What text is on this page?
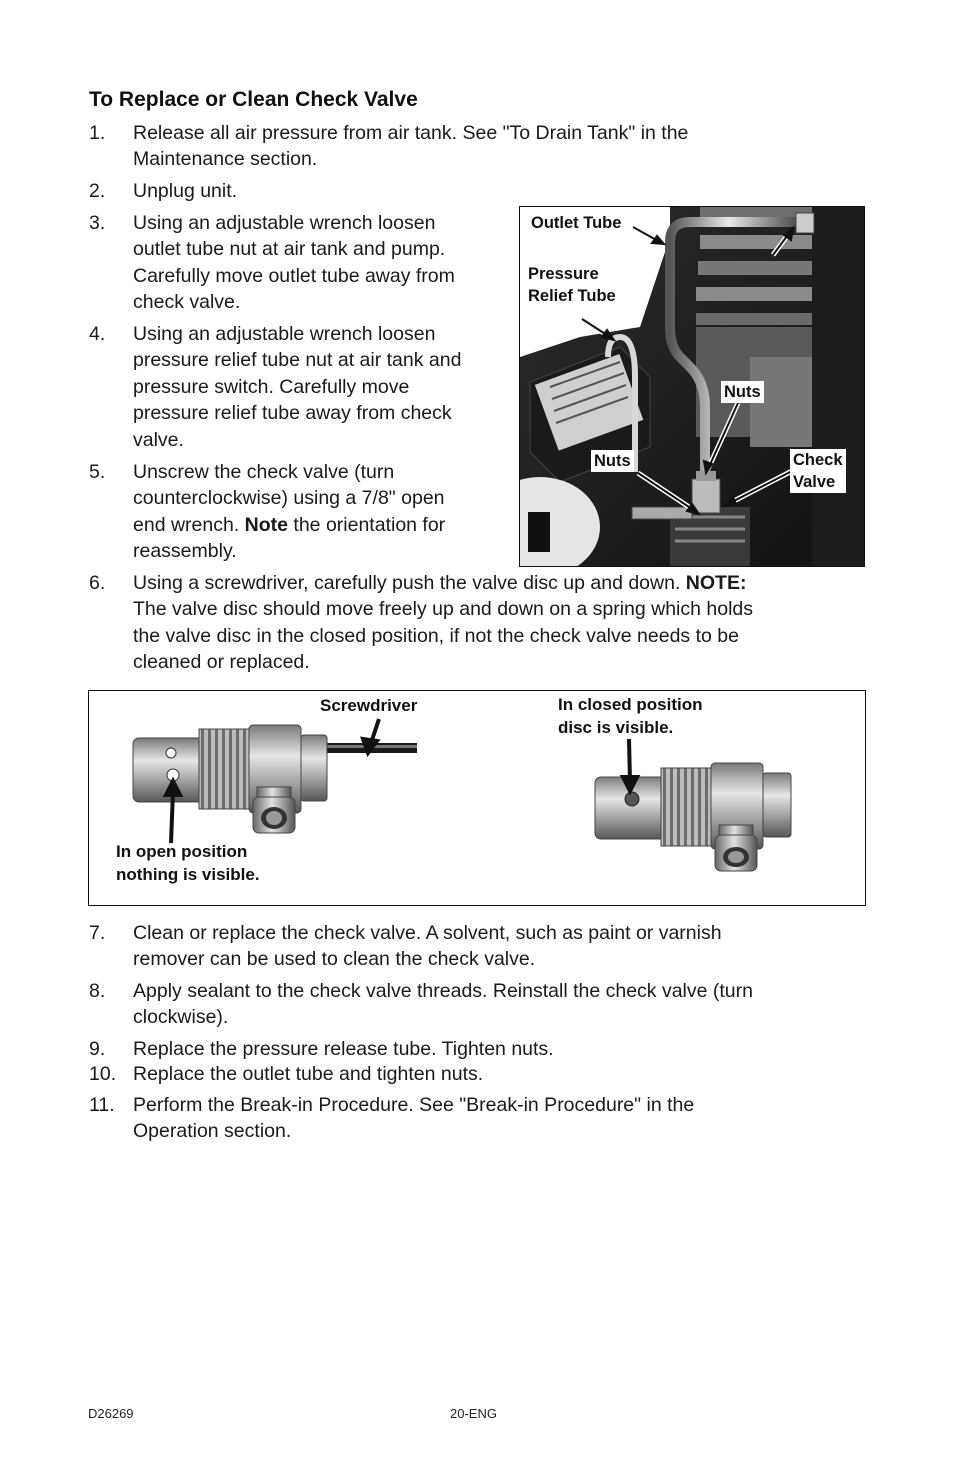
To Replace or Clean Check Valve
1. Release all air pressure from air tank. See "To Drain Tank" in the
Maintenance section.
2. Unplug unit.
3. Using an adjustable wrench loosen
outlet tube nut at air tank and pump.
Carefully move outlet tube away from
check valve.
4. Using an adjustable wrench loosen
pressure relief tube nut at air tank and
pressure switch. Carefully move
pressure relief tube away from check
valve.
5. Unscrew the check valve (turn
counterclockwise) using a 7/8" open
end wrench. Note the orientation for
reassembly.
6. Using a screwdriver, carefully push the valve disc up and down. NOTE:
The valve disc should move freely up and down on a spring which holds
the valve disc in the closed position, if not the check valve needs to be
cleaned or replaced.
Outlet Tube
Pressure
Relief Tube
Nuts
Nuts	Check
Valve
Screwdriver	In closed position
disc is visible.
In open position
nothing is visible.
7. Clean or replace the check valve. A solvent, such as paint or varnish
remover can be used to clean the check valve.
8. Apply sealant to the check valve threads. Reinstall the check valve (turn
clockwise).
9. Replace the pressure release tube. Tighten nuts.
10. Replace the outlet tube and tighten nuts.
11. Perform the Break-in Procedure. See "Break-in Procedure" in the
Operation section.
D26269	20-ENG
